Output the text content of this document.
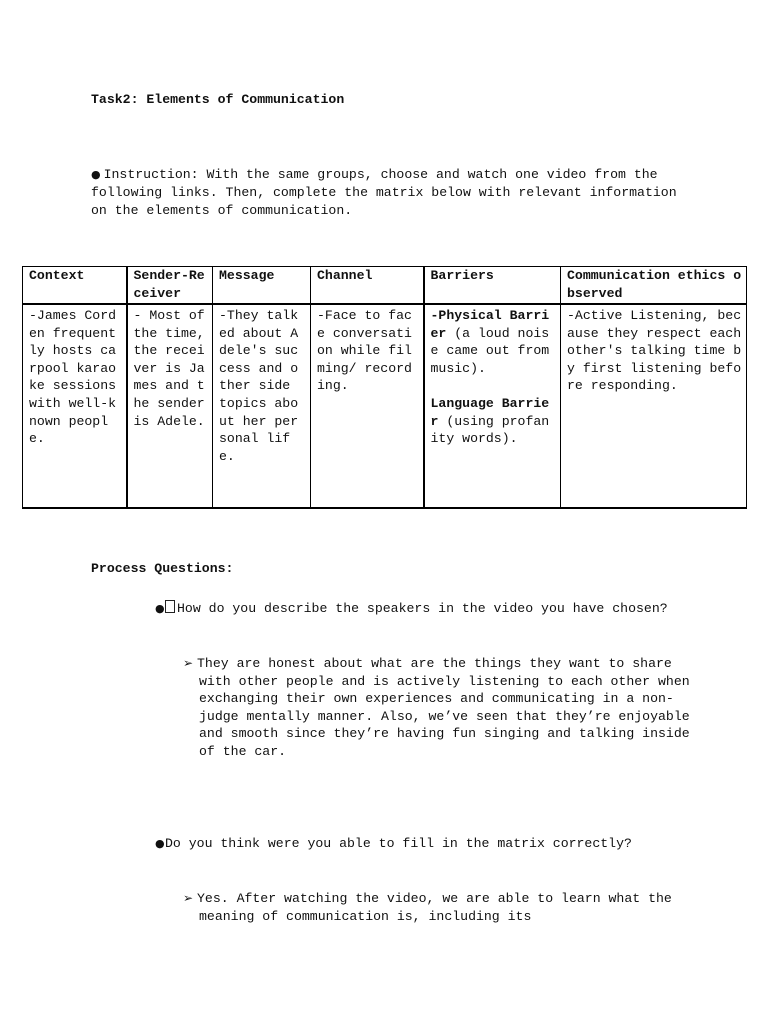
Task2: Elements of Communication
● Instruction: With the same groups, choose and watch one video from the following links. Then, complete the matrix below with relevant information on the elements of communication.
Context	Sender-Receiver	Message	Channel	Barriers	Communication ethics observed
-James Corden frequently hosts carpool karaoke sessions with well-known people.	- Most of the time, the receiver is James and the sender is Adele.	-They talked about Adele's success and other side topics about her personal life.	-Face to face conversation while filming/ recording.	-Physical Barrier (a loud noise came out from music).
Language Barrier (using profanity words).	-Active Listening, because they respect each other's talking time by first listening before responding.
Process Questions:
● How do you describe the speakers in the video you have chosen?
➢ They are honest about what are the things they want to share with other people and is actively listening to each other when exchanging their own experiences and communicating in a non-judge mentally manner. Also, we’ve seen that they’re enjoyable and smooth since they’re having fun singing and talking inside of the car.
●Do you think were you able to fill in the matrix correctly?
➢ Yes. After watching the video, we are able to learn what the meaning of communication is, including its
